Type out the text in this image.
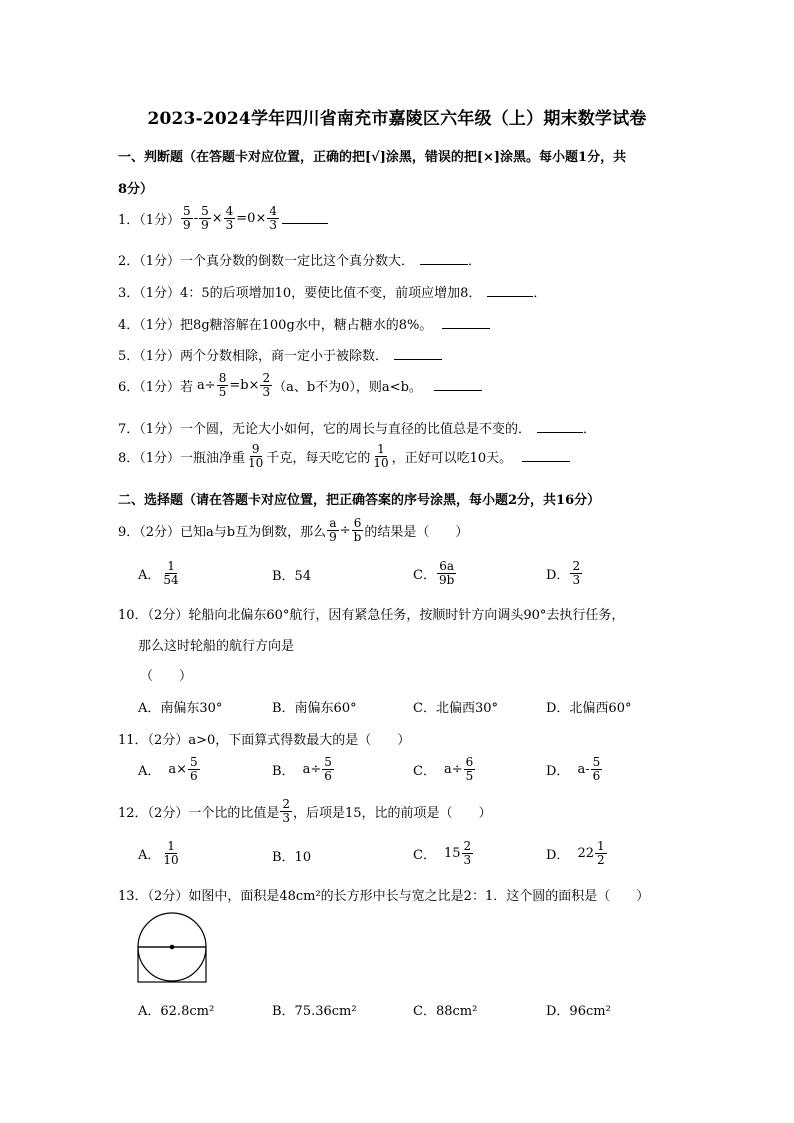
2023-2024学年四川省南充市嘉陵区六年级（上）期末数学试卷
一、判断题（在答题卡对应位置，正确的把[√]涂黑，错误的把[×]涂黑。每小题1分，共
8分）
1．（1分） $\frac{5}{9} - \frac{5}{9} \times \frac{4}{3} =0\times \frac{4}{3}$
2．（1分）一个真分数的倒数一定比这个真分数大．	．
3．（1分）4：5的后项增加10，要使比值不变，前项应增加8．	．
4．（1分）把8g糖溶解在100g水中，糖占糖水的8%。
5．（1分）两个分数相除，商一定小于被除数．
6．（1分）若 $a\div \frac{8}{5} =b\times \frac{2}{3} (a$、b不为0），则a<b。
7．（1分）一个圆，无论大小如何，它的周长与直径的比值总是不变的．	．
8．（1分）一瓶油净重 $\frac{9}{10}$ 千克，每天吃它的 $\frac{1}{10}$ ，正好可以吃10天。
二、选择题（请在答题卡对应位置，把正确答案的序号涂黑，每小题2分，共16分）
9．（2分）已知a与b互为倒数，那么 $\frac{a}{9} \div \frac{6}{b}$ 的结果是（　　）
A． $\frac{1}{54}$	B．54	C． $\frac{6a}{9b}$	D． $\frac{2}{3}$
10．（2分）轮船向北偏东60°航行，因有紧急任务，按顺时针方向调头90°去执行任务，
那么这时轮船的航行方向是
（　　）
A．南偏东30°	B．南偏东60°	C．北偏西30°	D．北偏西60°
11．（2分）a>0，下面算式得数最大的是（　　）
A． $a\times \frac{5}{6}$	B． $a\div \frac{5}{6}$	C． $a\div \frac{6}{5}$	D． $a- \frac{5}{6}$
12．（2分）一个比的比值是 $\frac{2}{3}$ ，后项是15，比的前项是（　　）
A． $\frac{1}{10}$	B．10	C． $15 \frac{2}{3}$	D． $22 \frac{1}{2}$
13．（2分）如图中，面积是48cm²的长方形中长与宽之比是2：1．这个圆的面积是（　　）
A．62.8cm²	B．75.36cm²	C．88cm²	D．96cm²
